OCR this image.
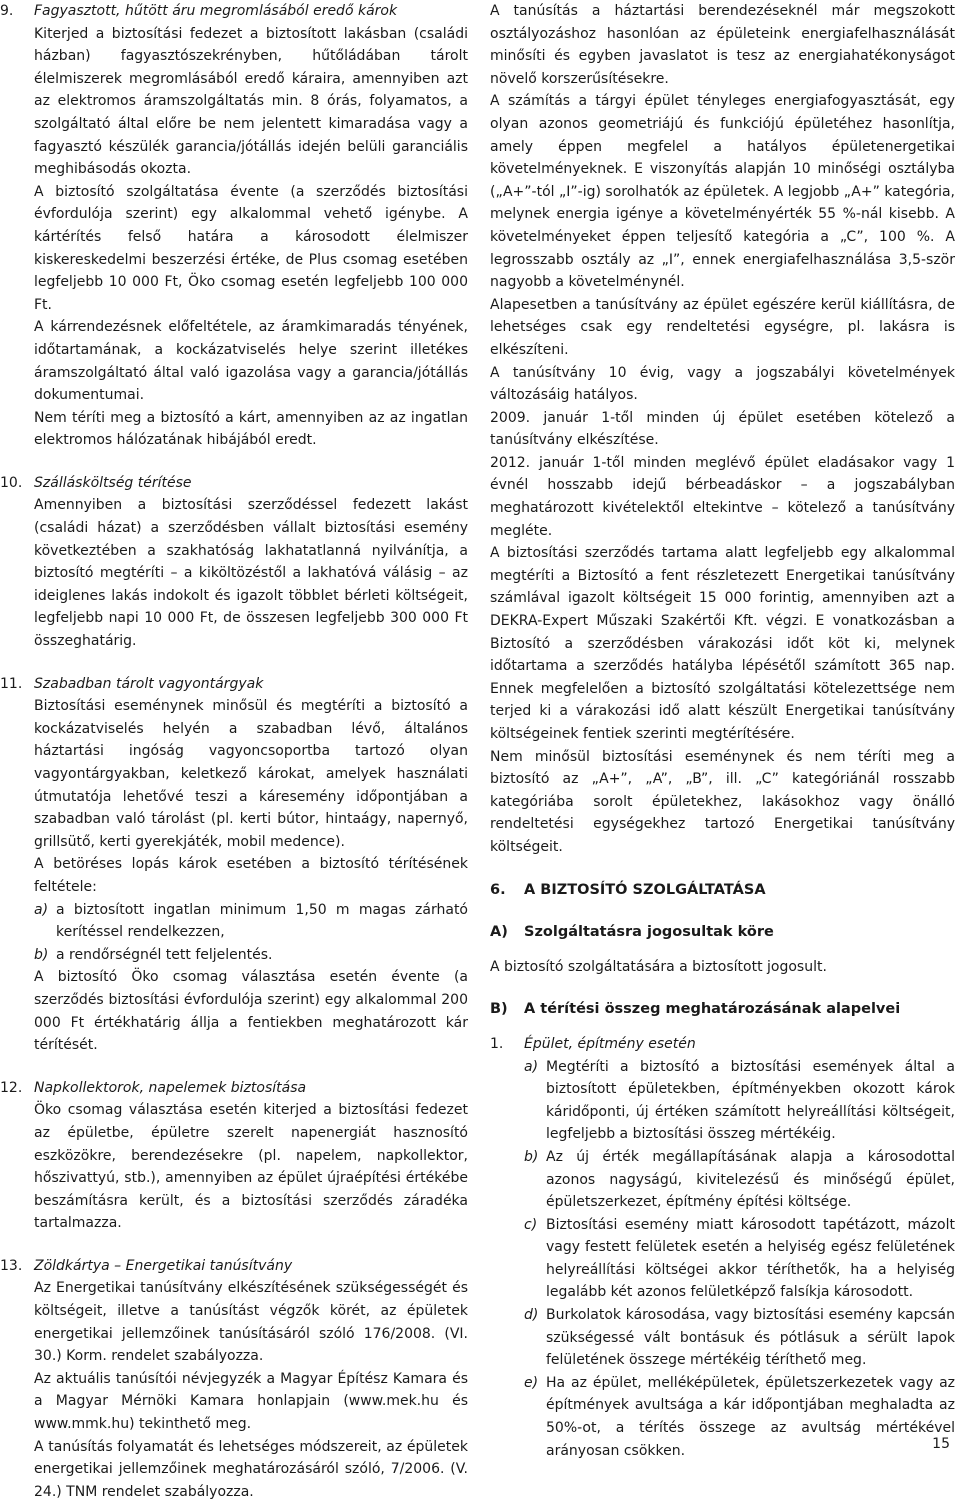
9. Fagyasztott, hűtött áru megromlásából eredő károk

Kiterjed a biztosítási fedezet a biztosított lakásban (családi házban) fagyasztószekrényben, hűtőládában tárolt élelmiszerek megromlásából eredő káraira, amennyiben azt az elektromos áramszolgáltatás min. 8 órás, folyamatos, a szolgáltató által előre be nem jelentett kimaradása vagy a fagyasztó készülék garancia/jótállás idején belüli garanciális meghibásodás okozta.

A biztosító szolgáltatása évente (a szerződés biztosítási évfordulója szerint) egy alkalommal vehető igénybe. A kártérítés felső határa a károsodott élelmiszer kiskereskedelmi beszerzési értéke, de Plus csomag esetében legfeljebb 10 000 Ft, Öko csomag esetén legfeljebb 100 000 Ft.

A kárrendezésnek előfeltétele, az áramkimaradás tényének, időtartamának, a kockázatviselés helye szerint illetékes áramszolgáltató által való igazolása vagy a garancia/jótállás dokumentumai.

Nem téríti meg a biztosító a kárt, amennyiben az az ingatlan elektromos hálózatának hibájából eredt.

10. Szállásköltség térítése

Amennyiben a biztosítási szerződéssel fedezett lakást (családi házat) a szerződésben vállalt biztosítási esemény következtében a szakhatóság lakhatatlanná nyilvánítja, a biztosító megtéríti – a kiköltözéstől a lakhatóvá válásig – az ideiglenes lakás indokolt és igazolt többlet bérleti költségeit, legfeljebb napi 10 000 Ft, de összesen legfeljebb 300 000 Ft összeghatárig.

11. Szabadban tárolt vagyontárgyak

Biztosítási eseménynek minősül és megtéríti a biztosító a kockázatviselés helyén a szabadban lévő, általános háztartási ingóság vagyoncsoportba tartozó olyan vagyontárgyakban, keletkező károkat, amelyek használati útmutatója lehetővé teszi a káresemény időpontjában a szabadban való tárolást (pl. kerti bútor, hintaágy, napernyő, grillsütő, kerti gyerekjáték, mobil medence).

A betöréses lopás károk esetében a biztosító térítésének feltétele:

a) a biztosított ingatlan minimum 1,50 m magas zárható kerítéssel rendelkezzen,

b) a rendőrségnél tett feljelentés.

A biztosító Öko csomag választása esetén évente (a szerződés biztosítási évfordulója szerint) egy alkalommal 200 000 Ft értékhatárig állja a fentiekben meghatározott kár térítését.

12. Napkollektorok, napelemek biztosítása

Öko csomag választása esetén kiterjed a biztosítási fedezet az épületbe, épületre szerelt napenergiát hasznosító eszközökre, berendezésekre (pl. napelem, napkollektor, hőszivattyú, stb.), amennyiben az épület újraépítési értékébe beszámításra került, és a biztosítási szerződés záradéka tartalmazza.

13. Zöldkártya – Energetikai tanúsítvány

Az Energetikai tanúsítvány elkészítésének szükségességét és költségeit, illetve a tanúsítást végzők körét, az épületek energetikai jellemzőinek tanúsításáról szóló 176/2008. (VI. 30.) Korm. rendelet szabályozza.

Az aktuális tanúsítói névjegyzék a Magyar Építész Kamara és a Magyar Mérnöki Kamara honlapjain (www.mek.hu és www.mmk.hu) tekinthető meg.

A tanúsítás folyamatát és lehetséges módszereit, az épületek energetikai jellemzőinek meghatározásáról szóló, 7/2006. (V. 24.) TNM rendelet szabályozza.

A tanúsítás a háztartási berendezéseknél már megszokott osztályozáshoz hasonlóan az épületeink energiafelhasználását minősíti és egyben javaslatot is tesz az energiahatékonyságot növelő korszerűsítésekre.

A számítás a tárgyi épület tényleges energiafogyasztását, egy olyan azonos geometriájú és funkciójú épületéhez hasonlítja, amely éppen megfelel a hatályos épületenergetikai követelményeknek. E viszonyítás alapján 10 minőségi osztályba („A+”-tól „I”-ig) sorolhatók az épületek. A legjobb „A+” kategória, melynek energia igénye a követelményérték 55 %-nál kisebb. A követelményeket éppen teljesítő kategória a „C”, 100 %. A legrosszabb osztály az „I”, ennek energiafelhasználása 3,5-ször nagyobb a követelménynél.

Alapesetben a tanúsítvány az épület egészére kerül kiállításra, de lehetséges csak egy rendeltetési egységre, pl. lakásra is elkészíteni.

A tanúsítvány 10 évig, vagy a jogszabályi követelmények változásáig hatályos.

2009. január 1-től minden új épület esetében kötelező a tanúsítvány elkészítése.

2012. január 1-től minden meglévő épület eladásakor vagy 1 évnél hosszabb idejű bérbeadáskor – a jogszabályban meghatározott kivételektől eltekintve – kötelező a tanúsítvány megléte.

A biztosítási szerződés tartama alatt legfeljebb egy alkalommal megtéríti a Biztosító a fent részletezett Energetikai tanúsítvány számlával igazolt költségeit 15 000 forintig, amennyiben azt a DEKRA-Expert Műszaki Szakértői Kft. végzi. E vonatkozásban a Biztosító a szerződésben várakozási időt köt ki, melynek időtartama a szerződés hatályba lépésétől számított 365 nap. Ennek megfelelően a biztosító szolgáltatási kötelezettsége nem terjed ki a várakozási idő alatt készült Energetikai tanúsítvány költségeinek fentiek szerinti megtérítésére.

Nem minősül biztosítási eseménynek és nem téríti meg a biztosító az „A+”, „A”, „B”, ill. „C” kategóriánál rosszabb kategóriába sorolt épületekhez, lakásokhoz vagy önálló rendeltetési egységekhez tartozó Energetikai tanúsítvány költségeit.

6. A BIZTOSÍTÓ SZOLGÁLTATÁSA

A) Szolgáltatásra jogosultak köre

A biztosító szolgáltatására a biztosított jogosult.

B) A térítési összeg meghatározásának alapelvei

1. Épület, építmény esetén

a) Megtéríti a biztosító a biztosítási események által a biztosított épületekben, építményekben okozott károk káridőponti, új értéken számított helyreállítási költségeit, legfeljebb a biztosítási összeg mértékéig.

b) Az új érték megállapításának alapja a károsodottal azonos nagyságú, kivitelezésű és minőségű épület, épületszerkezet, építmény építési költsége.

c) Biztosítási esemény miatt károsodott tapétázott, mázolt vagy festett felületek esetén a helyiség egész felületének helyreállítási költségei akkor téríthetők, ha a helyiség legalább két azonos felületképző falsíkja károsodott.

d) Burkolatok károsodása, vagy biztosítási esemény kapcsán szükségessé vált bontásuk és pótlásuk a sérült lapok felületének összege mértékéig téríthető meg.

e) Ha az épület, melléképületek, épületszerkezetek vagy az építmények avultsága a kár időpontjában meghaladta az 50%-ot, a térítés összege az avultság mértékével arányosan csökken.	15
